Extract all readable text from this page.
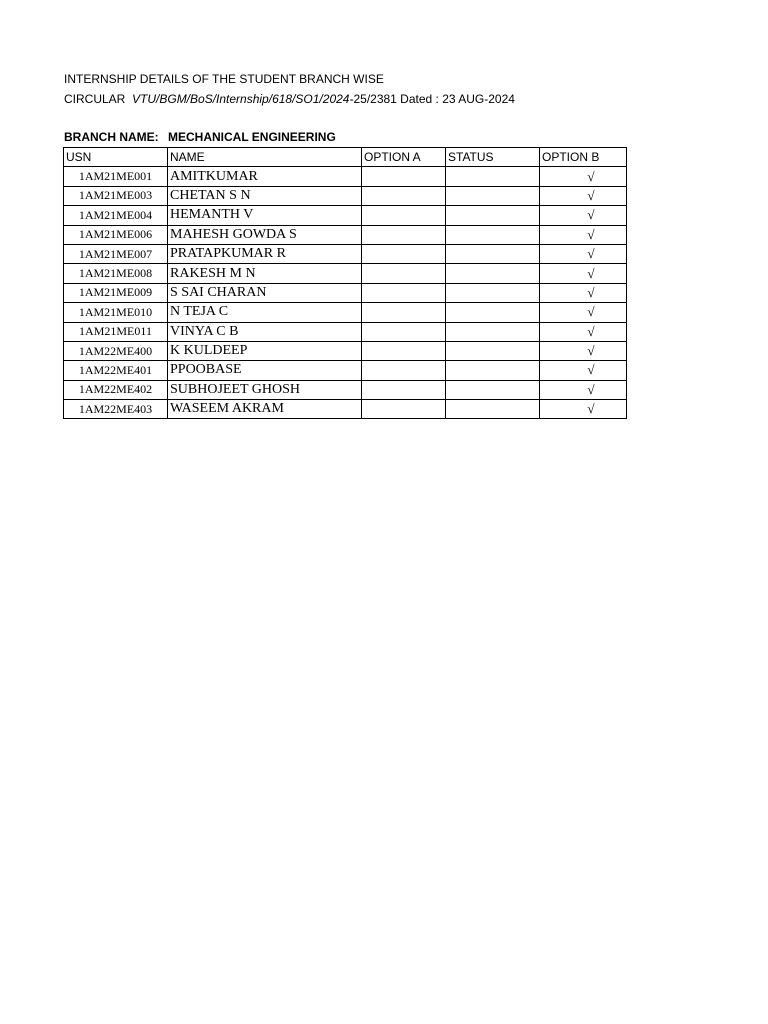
INTERNSHIP DETAILS OF THE STUDENT BRANCH WISE
CIRCULAR VTU/BGM/BoS/Internship/618/SO1/2024-25/2381 Dated : 23 AUG-2024
BRANCH NAME: MECHANICAL ENGINEERING
USN	NAME	OPTION A	STATUS	OPTION B
1AM21ME001	AMITKUMAR			√
1AM21ME003	CHETAN S N			√
1AM21ME004	HEMANTH V			√
1AM21ME006	MAHESH GOWDA S			√
1AM21ME007	PRATAPKUMAR R			√
1AM21ME008	RAKESH M N			√
1AM21ME009	S SAI CHARAN			√
1AM21ME010	N TEJA C			√
1AM21ME011	VINYA C B			√
1AM22ME400	K KULDEEP			√
1AM22ME401	PPOOBASE			√
1AM22ME402	SUBHOJEET GHOSH			√
1AM22ME403	WASEEM AKRAM			√
